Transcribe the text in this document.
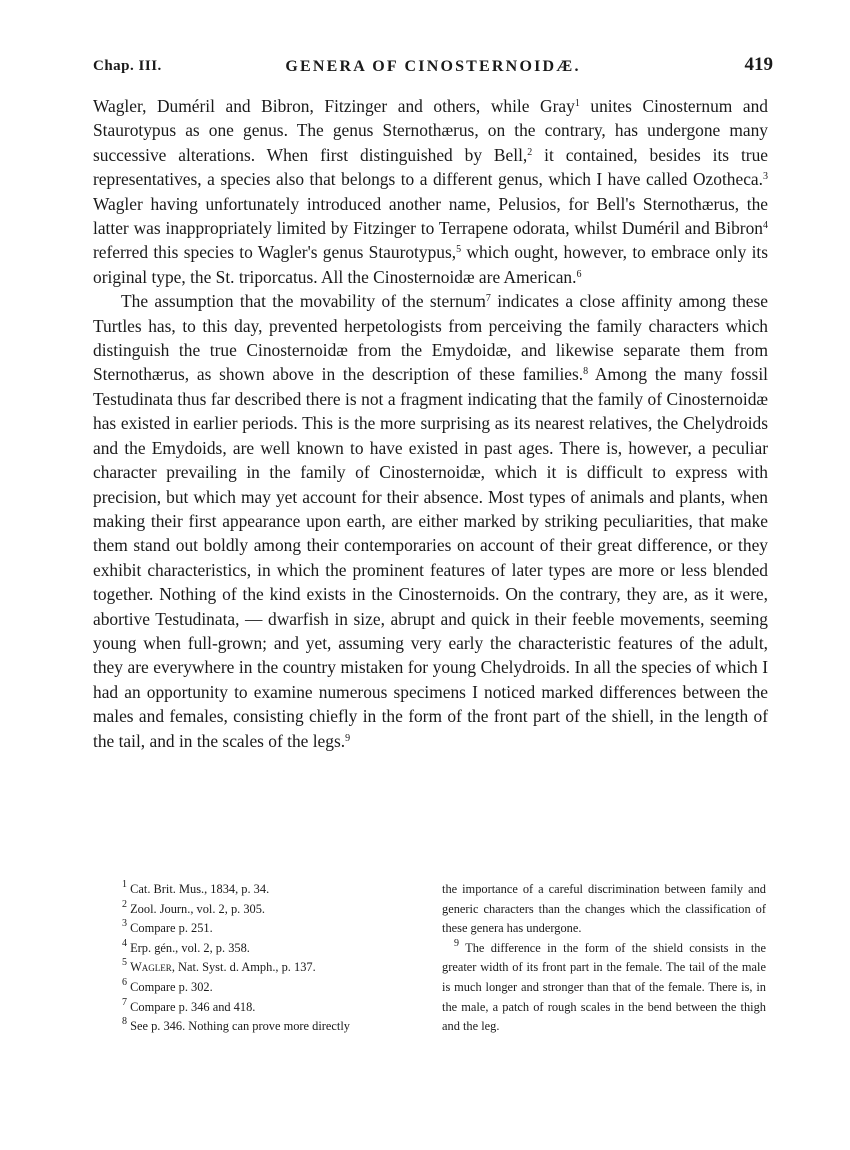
Chap. III.	GENERA OF CINOSTERNOIDÆ.	419

Wagler, Duméril and Bibron, Fitzinger and others, while Gray$^1$ unites Cinosternum and Staurotypus as one genus. The genus Sternothærus, on the contrary, has undergone many successive alterations. When first distinguished by Bell,$^2$ it contained, besides its true representatives, a species also that belongs to a different genus, which I have called Ozotheca.$^3$ Wagler having unfortunately introduced another name, Pelusios, for Bell's Sternothærus, the latter was inappropriately limited by Fitzinger to Terrapene odorata, whilst Duméril and Bibron$^4$ referred this species to Wagler's genus Staurotypus,$^5$ which ought, however, to embrace only its original type, the St. triporcatus. All the Cinosternoidæ are American.$^6$

The assumption that the movability of the sternum$^7$ indicates a close affinity among these Turtles has, to this day, prevented herpetologists from perceiving the family characters which distinguish the true Cinosternoidæ from the Emydoidæ, and likewise separate them from Sternothærus, as shown above in the description of these families.$^8$ Among the many fossil Testudinata thus far described there is not a fragment indicating that the family of Cinosternoidæ has existed in earlier periods. This is the more surprising as its nearest relatives, the Chelydroids and the Emydoids, are well known to have existed in past ages. There is, however, a peculiar character prevailing in the family of Cinosternoidæ, which it is difficult to express with precision, but which may yet account for their absence. Most types of animals and plants, when making their first appearance upon earth, are either marked by striking peculiarities, that make them stand out boldly among their contemporaries on account of their great difference, or they exhibit characteristics, in which the prominent features of later types are more or less blended together. Nothing of the kind exists in the Cinosternoids. On the contrary, they are, as it were, abortive Testudinata, — dwarfish in size, abrupt and quick in their feeble movements, seeming young when full-grown; and yet, assuming very early the characteristic features of the adult, they are everywhere in the country mistaken for young Chelydroids. In all the species of which I had an opportunity to examine numerous specimens I noticed marked differences between the males and females, consisting chiefly in the form of the front part of the shiell, in the length of the tail, and in the scales of the legs.$^9$

$^1$ Cat. Brit. Mus., 1834, p. 34.

$^2$ Zool. Journ., vol. 2, p. 305.

$^3$ Compare p. 251.

$^4$ Erp. gén., vol. 2, p. 358.

$^5$ Wagler, Nat. Syst. d. Amph., p. 137.

$^6$ Compare p. 302.

$^7$ Compare p. 346 and 418.

$^8$ See p. 346. Nothing can prove more directly

the importance of a careful discrimination between family and generic characters than the changes which the classification of these genera has undergone.

$^9$ The difference in the form of the shield consists in the greater width of its front part in the female. The tail of the male is much longer and stronger than that of the female. There is, in the male, a patch of rough scales in the bend between the thigh and the leg.
